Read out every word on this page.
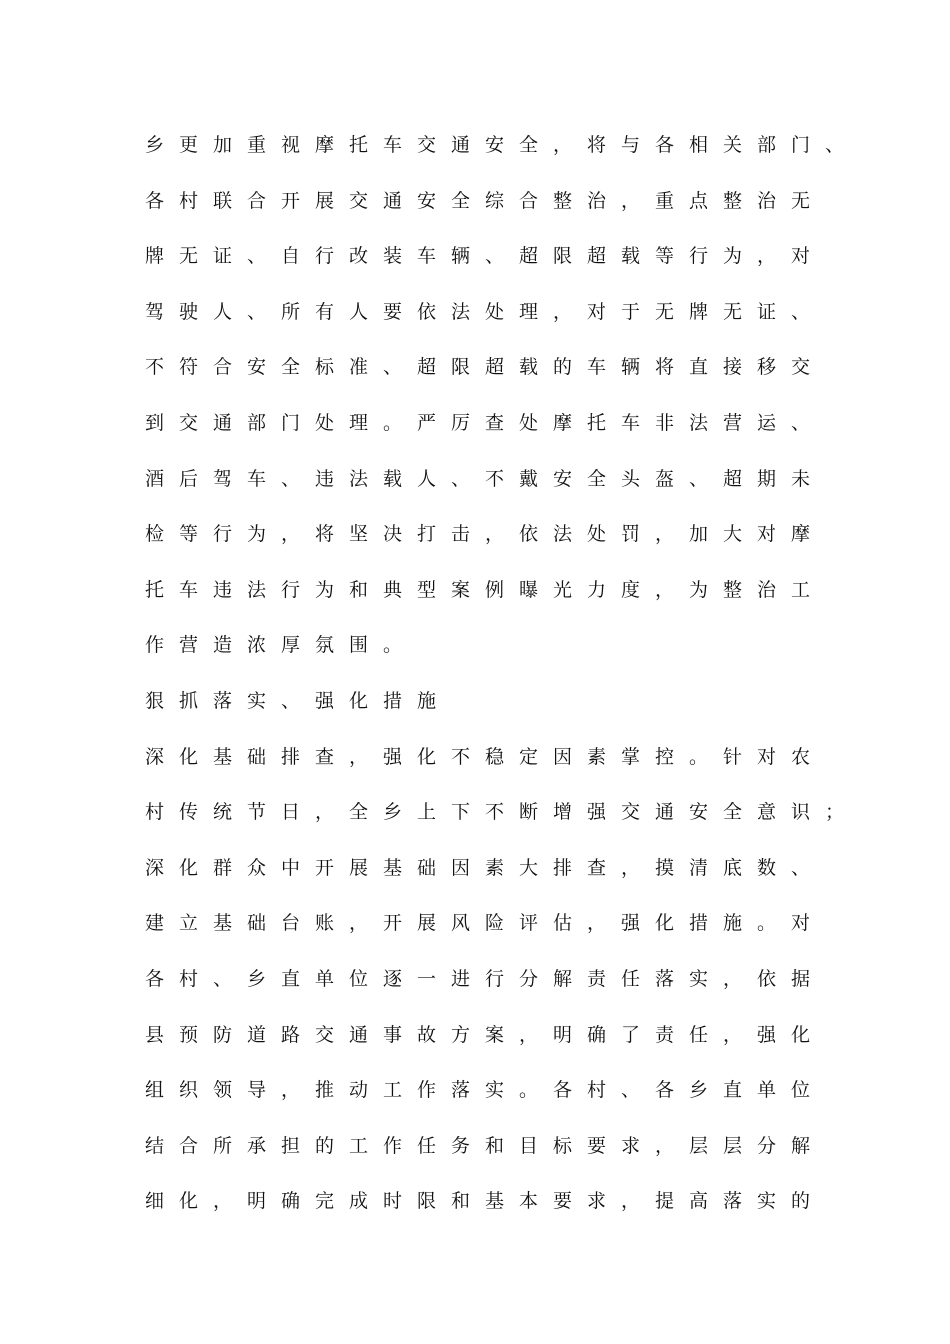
乡更加重视摩托车交通安全，将与各相关部门、
各村联合开展交通安全综合整治，重点整治无
牌无证、自行改装车辆、超限超载等行为，对
驾驶人、所有人要依法处理，对于无牌无证、
不符合安全标准、超限超载的车辆将直接移交
到交通部门处理。严厉查处摩托车非法营运、
酒后驾车、违法载人、不戴安全头盔、超期未
检等行为，将坚决打击，依法处罚，加大对摩
托车违法行为和典型案例曝光力度，为整治工
作营造浓厚氛围。
狠抓落实、强化措施
深化基础排查，强化不稳定因素掌控。针对农
村传统节日，全乡上下不断增强交通安全意识；
深化群众中开展基础因素大排查，摸清底数、
建立基础台账，开展风险评估，强化措施。对
各村、乡直单位逐一进行分解责任落实，依据
县预防道路交通事故方案，明确了责任，强化
组织领导，推动工作落实。各村、各乡直单位
结合所承担的工作任务和目标要求，层层分解
细化，明确完成时限和基本要求，提高落实的
